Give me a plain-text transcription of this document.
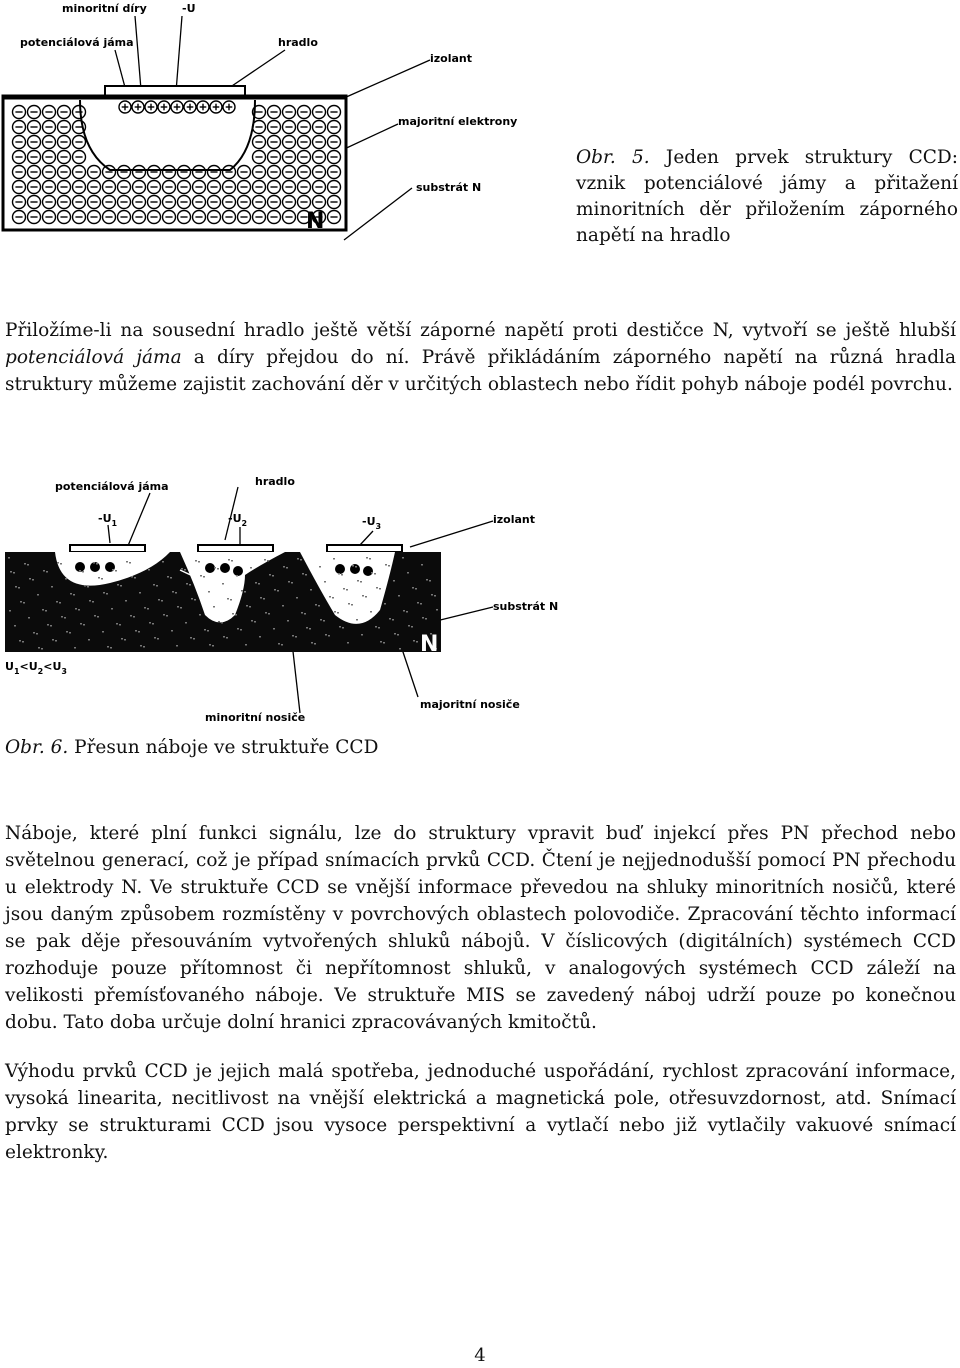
minoritní díry	-U
potenciálová jáma	hradlo
izolant
majoritní elektrony
substrát N
N

Obr. 5. Jeden prvek struktury CCD: vznik potenciálové jámy a přitažení minoritních děr přiložením záporného napětí na hradlo

Přiložíme-li na sousední hradlo ještě větší záporné napětí proti destičce N, vytvoří se ještě hlubší potenciálová jáma a díry přejdou do ní. Právě přikládáním záporného napětí na různá hradla struktury můžeme zajistit zachování děr v určitých oblastech nebo řídit pohyb náboje podél povrchu.

potenciálová jáma	hradlo
$-U_1$	$-U_2$	$-U_3$
izolant
substrát N
$U_1<U_2<U_3$
minoritní nosiče
majoritní nosiče
N

Obr. 6. Přesun náboje ve struktuře CCD

Náboje, které plní funkci signálu, lze do struktury vpravit buď injekcí přes PN přechod nebo světelnou generací, což je případ snímacích prvků CCD. Čtení je nejjednodušší pomocí PN přechodu u elektrody N. Ve struktuře CCD se vnější informace převedou na shluky minoritních nosičů, které jsou daným způsobem rozmístěny v povrchových oblastech polovodiče. Zpracování těchto informací se pak děje přesouváním vytvořených shluků nábojů. V číslicových (digitálních) systémech CCD rozhoduje pouze přítomnost či nepřítomnost shluků, v analogových systémech CCD záleží na velikosti přemísťovaného náboje. Ve struktuře MIS se zavedený náboj udrží pouze po konečnou dobu. Tato doba určuje dolní hranici zpracovávaných kmitočtů.

Výhodu prvků CCD je jejich malá spotřeba, jednoduché uspořádání, rychlost zpracování informace, vysoká linearita, necitlivost na vnější elektrická a magnetická pole, otřesuvzdornost, atd. Snímací prvky se strukturami CCD jsou vysoce perspektivní a vytlačí nebo již vytlačily vakuové snímací elektronky.

4
